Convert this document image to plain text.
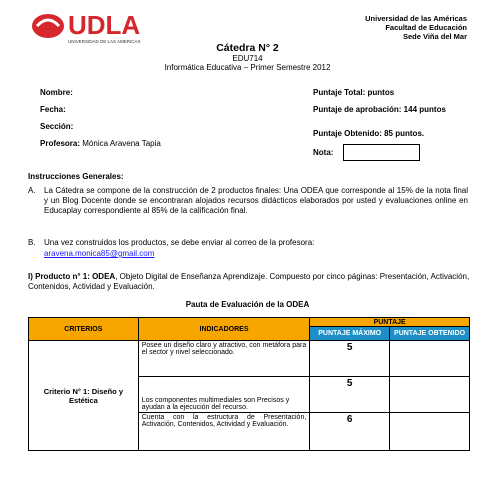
UDLA
UNIVERSIDAD DE LAS AMERICAS
Universidad de las Américas
Facultad de Educación
Sede Viña del Mar
Cátedra N° 2
EDU714
Informática Educativa – Primer Semestre 2012
Nombre:
Fecha:
Sección:
Profesora: Mónica Aravena Tapia
Puntaje Total: puntos
Puntaje de aprobación: 144 puntos
Puntaje Obtenido: 85 puntos.
Nota:
Instrucciones Generales:
A.	La Cátedra se compone de la construcción de 2 productos finales: Una ODEA que corresponde al 15% de la nota final y un Blog Docente donde se encontraran alojados recursos didácticos elaborados por usted y evaluaciones online en Educaplay correspondiente al 85% de la calificación final.
B.	Una vez construidos los productos, se debe enviar al correo de la profesora:
aravena.monica85@gmail.com
I) Producto n° 1: ODEA, Objeto Digital de Enseñanza Aprendizaje. Compuesto por cinco páginas: Presentación, Activación, Contenidos, Actividad y Evaluación.
Pauta de Evaluación de la ODEA
CRITERIOS	INDICADORES	PUNTAJE	
		PUNTAJE MÁXIMO	PUNTAJE OBTENIDO
Criterio N° 1: Diseño y Estética	Posee un diseño claro y atractivo, con metáfora para el sector y nivel seleccionado.	5	
	Los componentes multimediales son Precisos y ayudan a la ejecución del recurso.	5	
	Cuenta con la estructura de Presentación, Activación, Contenidos, Actividad y Evaluación.	6	
